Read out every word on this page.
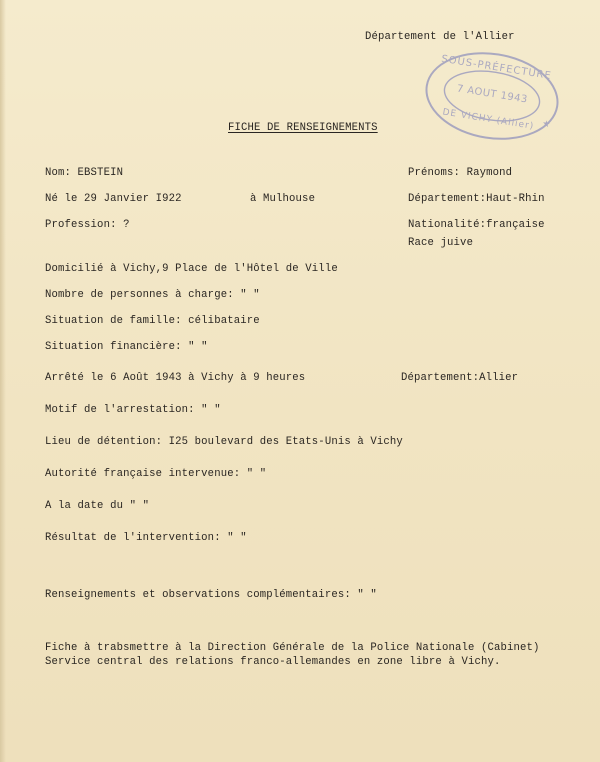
Département de l'Allier
★
SOUS-PRÉFECTURE
7 AOUT 1943
DE VICHY (Allier)
FICHE DE RENSEIGNEMENTS
Nom: EBSTEIN	Prénoms: Raymond
Né le 29 Janvier I922	à Mulhouse	Département:Haut-Rhin
Profession: ?	Nationalité:française
Race juive
Domicilié à Vichy,9 Place de l'Hôtel de Ville
Nombre de personnes à charge: " "
Situation de famille: célibataire
Situation financière: " "
Arrêté le 6 Août 1943 à Vichy à 9 heures	Département:Allier
Motif de l'arrestation: " "
Lieu de détention: I25 boulevard des Etats-Unis à Vichy
Autorité française intervenue: " "
A la date du " "
Résultat de l'intervention: " "
Renseignements et observations complémentaires: " "
Fiche à trabsmettre à la Direction Générale de la Police Nationale (Cabinet)
Service central des relations franco-allemandes en zone libre à Vichy.
